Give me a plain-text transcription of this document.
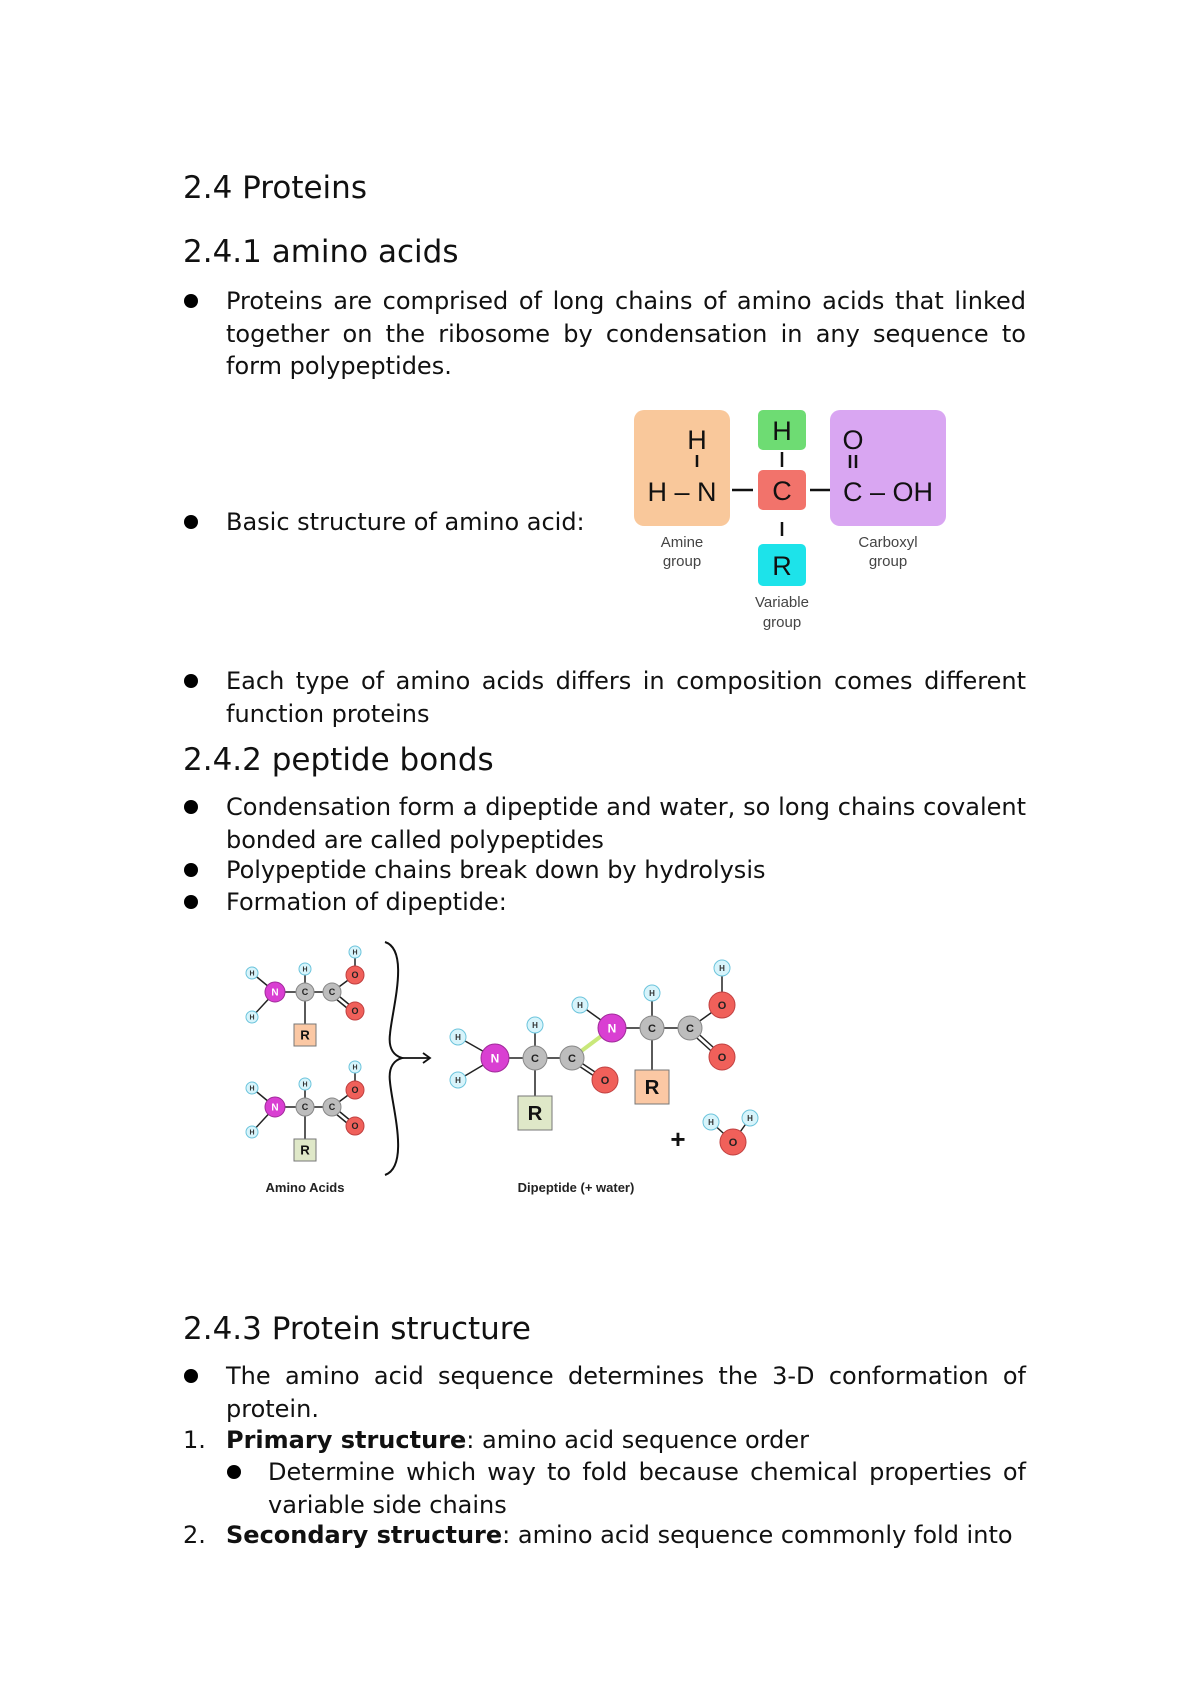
2.4 Proteins
2.4.1 amino acids

Proteins are comprised of long chains of amino acids that linked together on the ribosome by condensation in any sequence to form polypeptides.

Basic structure of amino acid:

H
H – N
H
C
R
O
C – OH
Amine
group
Variable
group
Carboxyl
group

Each type of amino acids differs in composition comes different function proteins

2.4.2 peptide bonds

Condensation form a dipeptide and water, so long chains covalent bonded are called polypeptides

Polypeptide chains break down by hydrolysis

Formation of dipeptide:

R
H
H
H
H
N	C C
O
O
R
H
H
H
H
N	C C
O
O
R
R
H
H
H
H
H
H
N	C	C
O
N	C	C
O
O
H	H
O
+
Amino Acids	Dipeptide (+ water)
2.4.3 Protein structure

The amino acid sequence determines the 3-D conformation of protein.

1. Primary structure: amino acid sequence order

Determine which way to fold because chemical properties of variable side chains

2. Secondary structure: amino acid sequence commonly fold into
